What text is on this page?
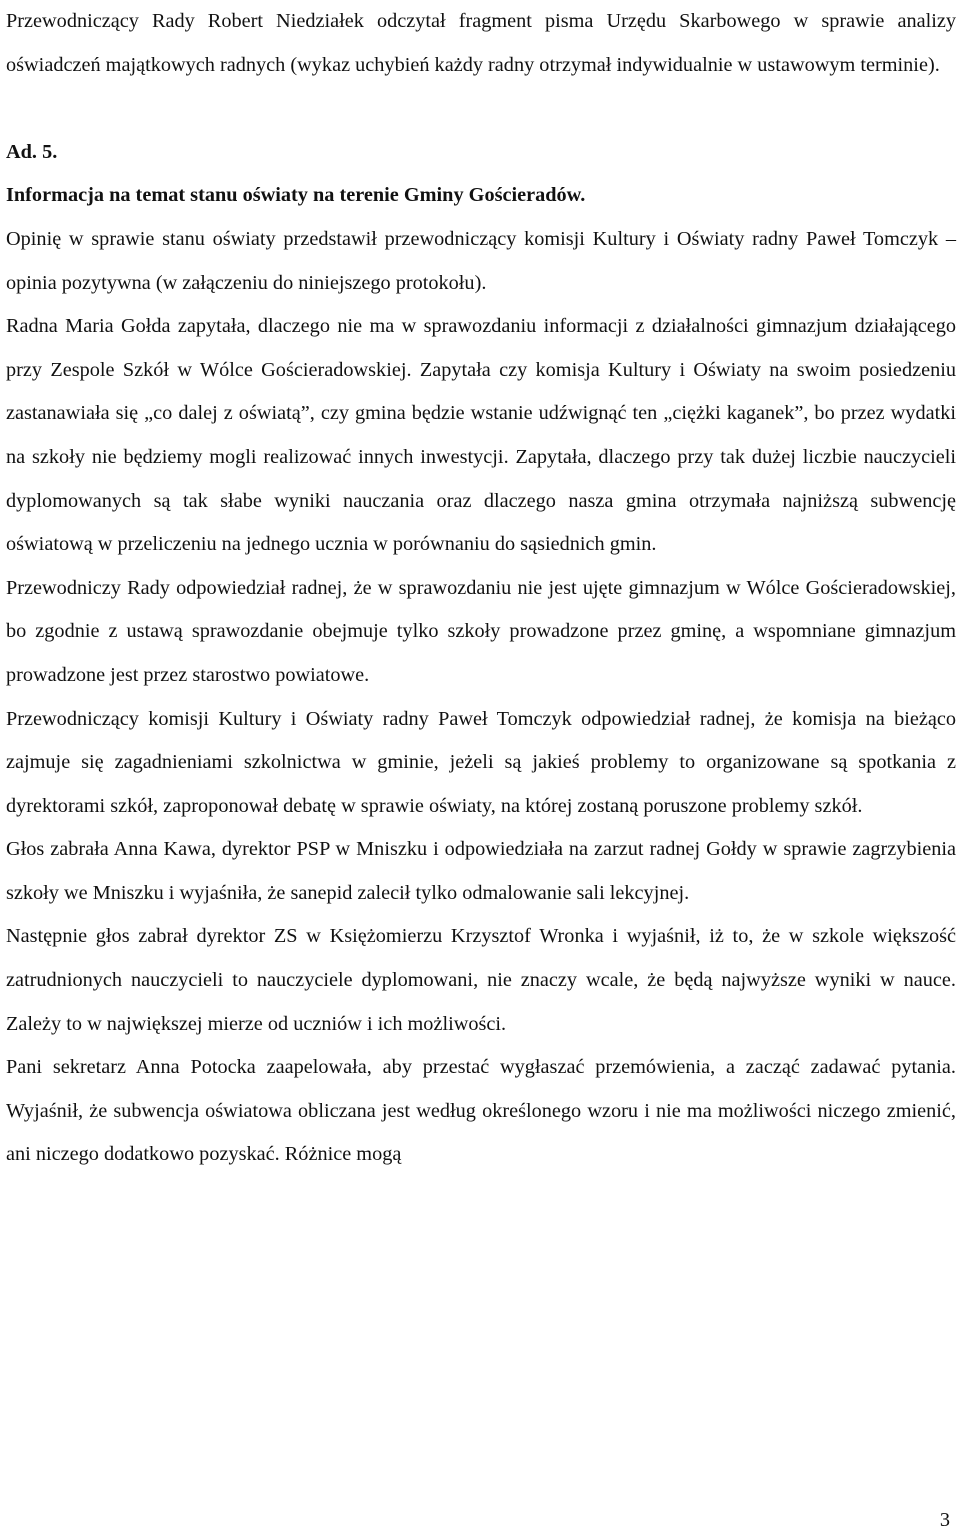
Przewodniczący Rady Robert Niedziałek odczytał fragment pisma Urzędu Skarbowego w sprawie analizy oświadczeń majątkowych radnych (wykaz uchybień każdy radny otrzymał indywidualnie w ustawowym terminie).

Ad. 5.

Informacja na temat stanu oświaty na terenie Gminy Gościeradów.

Opinię w sprawie stanu oświaty przedstawił przewodniczący komisji Kultury i Oświaty radny Paweł Tomczyk – opinia pozytywna (w załączeniu do niniejszego protokołu).

Radna Maria Gołda zapytała, dlaczego nie ma w sprawozdaniu informacji z działalności gimnazjum działającego przy Zespole Szkół w Wólce Gościeradowskiej. Zapytała czy komisja Kultury i Oświaty na swoim posiedzeniu zastanawiała się „co dalej z oświatą”, czy gmina będzie wstanie udźwignąć ten „ciężki kaganek”, bo przez wydatki na szkoły nie będziemy mogli realizować innych inwestycji. Zapytała, dlaczego przy tak dużej liczbie nauczycieli dyplomowanych są tak słabe wyniki nauczania oraz dlaczego nasza gmina otrzymała najniższą subwencję oświatową w przeliczeniu na jednego ucznia w porównaniu do sąsiednich gmin.

Przewodniczy Rady odpowiedział radnej, że w sprawozdaniu nie jest ujęte gimnazjum w Wólce Gościeradowskiej, bo zgodnie z ustawą sprawozdanie obejmuje tylko szkoły prowadzone przez gminę, a wspomniane gimnazjum prowadzone jest przez starostwo powiatowe.

Przewodniczący komisji Kultury i Oświaty radny Paweł Tomczyk odpowiedział radnej, że komisja na bieżąco zajmuje się zagadnieniami szkolnictwa w gminie, jeżeli są jakieś problemy to organizowane są spotkania z dyrektorami szkół, zaproponował debatę w sprawie oświaty, na której zostaną poruszone problemy szkół.

Głos zabrała Anna Kawa, dyrektor PSP w Mniszku i odpowiedziała na zarzut radnej Gołdy w sprawie zagrzybienia szkoły we Mniszku i wyjaśniła, że sanepid zalecił tylko odmalowanie sali lekcyjnej.

Następnie głos zabrał dyrektor ZS w Księżomierzu Krzysztof Wronka i wyjaśnił, iż to, że w szkole większość zatrudnionych nauczycieli to nauczyciele dyplomowani, nie znaczy wcale, że będą najwyższe wyniki w nauce. Zależy to w największej mierze od uczniów i ich możliwości.

Pani sekretarz Anna Potocka zaapelowała, aby przestać wygłaszać przemówienia, a zacząć zadawać pytania. Wyjaśnił, że subwencja oświatowa obliczana jest według określonego wzoru i nie ma możliwości niczego zmienić, ani niczego dodatkowo pozyskać. Różnice mogą

3
